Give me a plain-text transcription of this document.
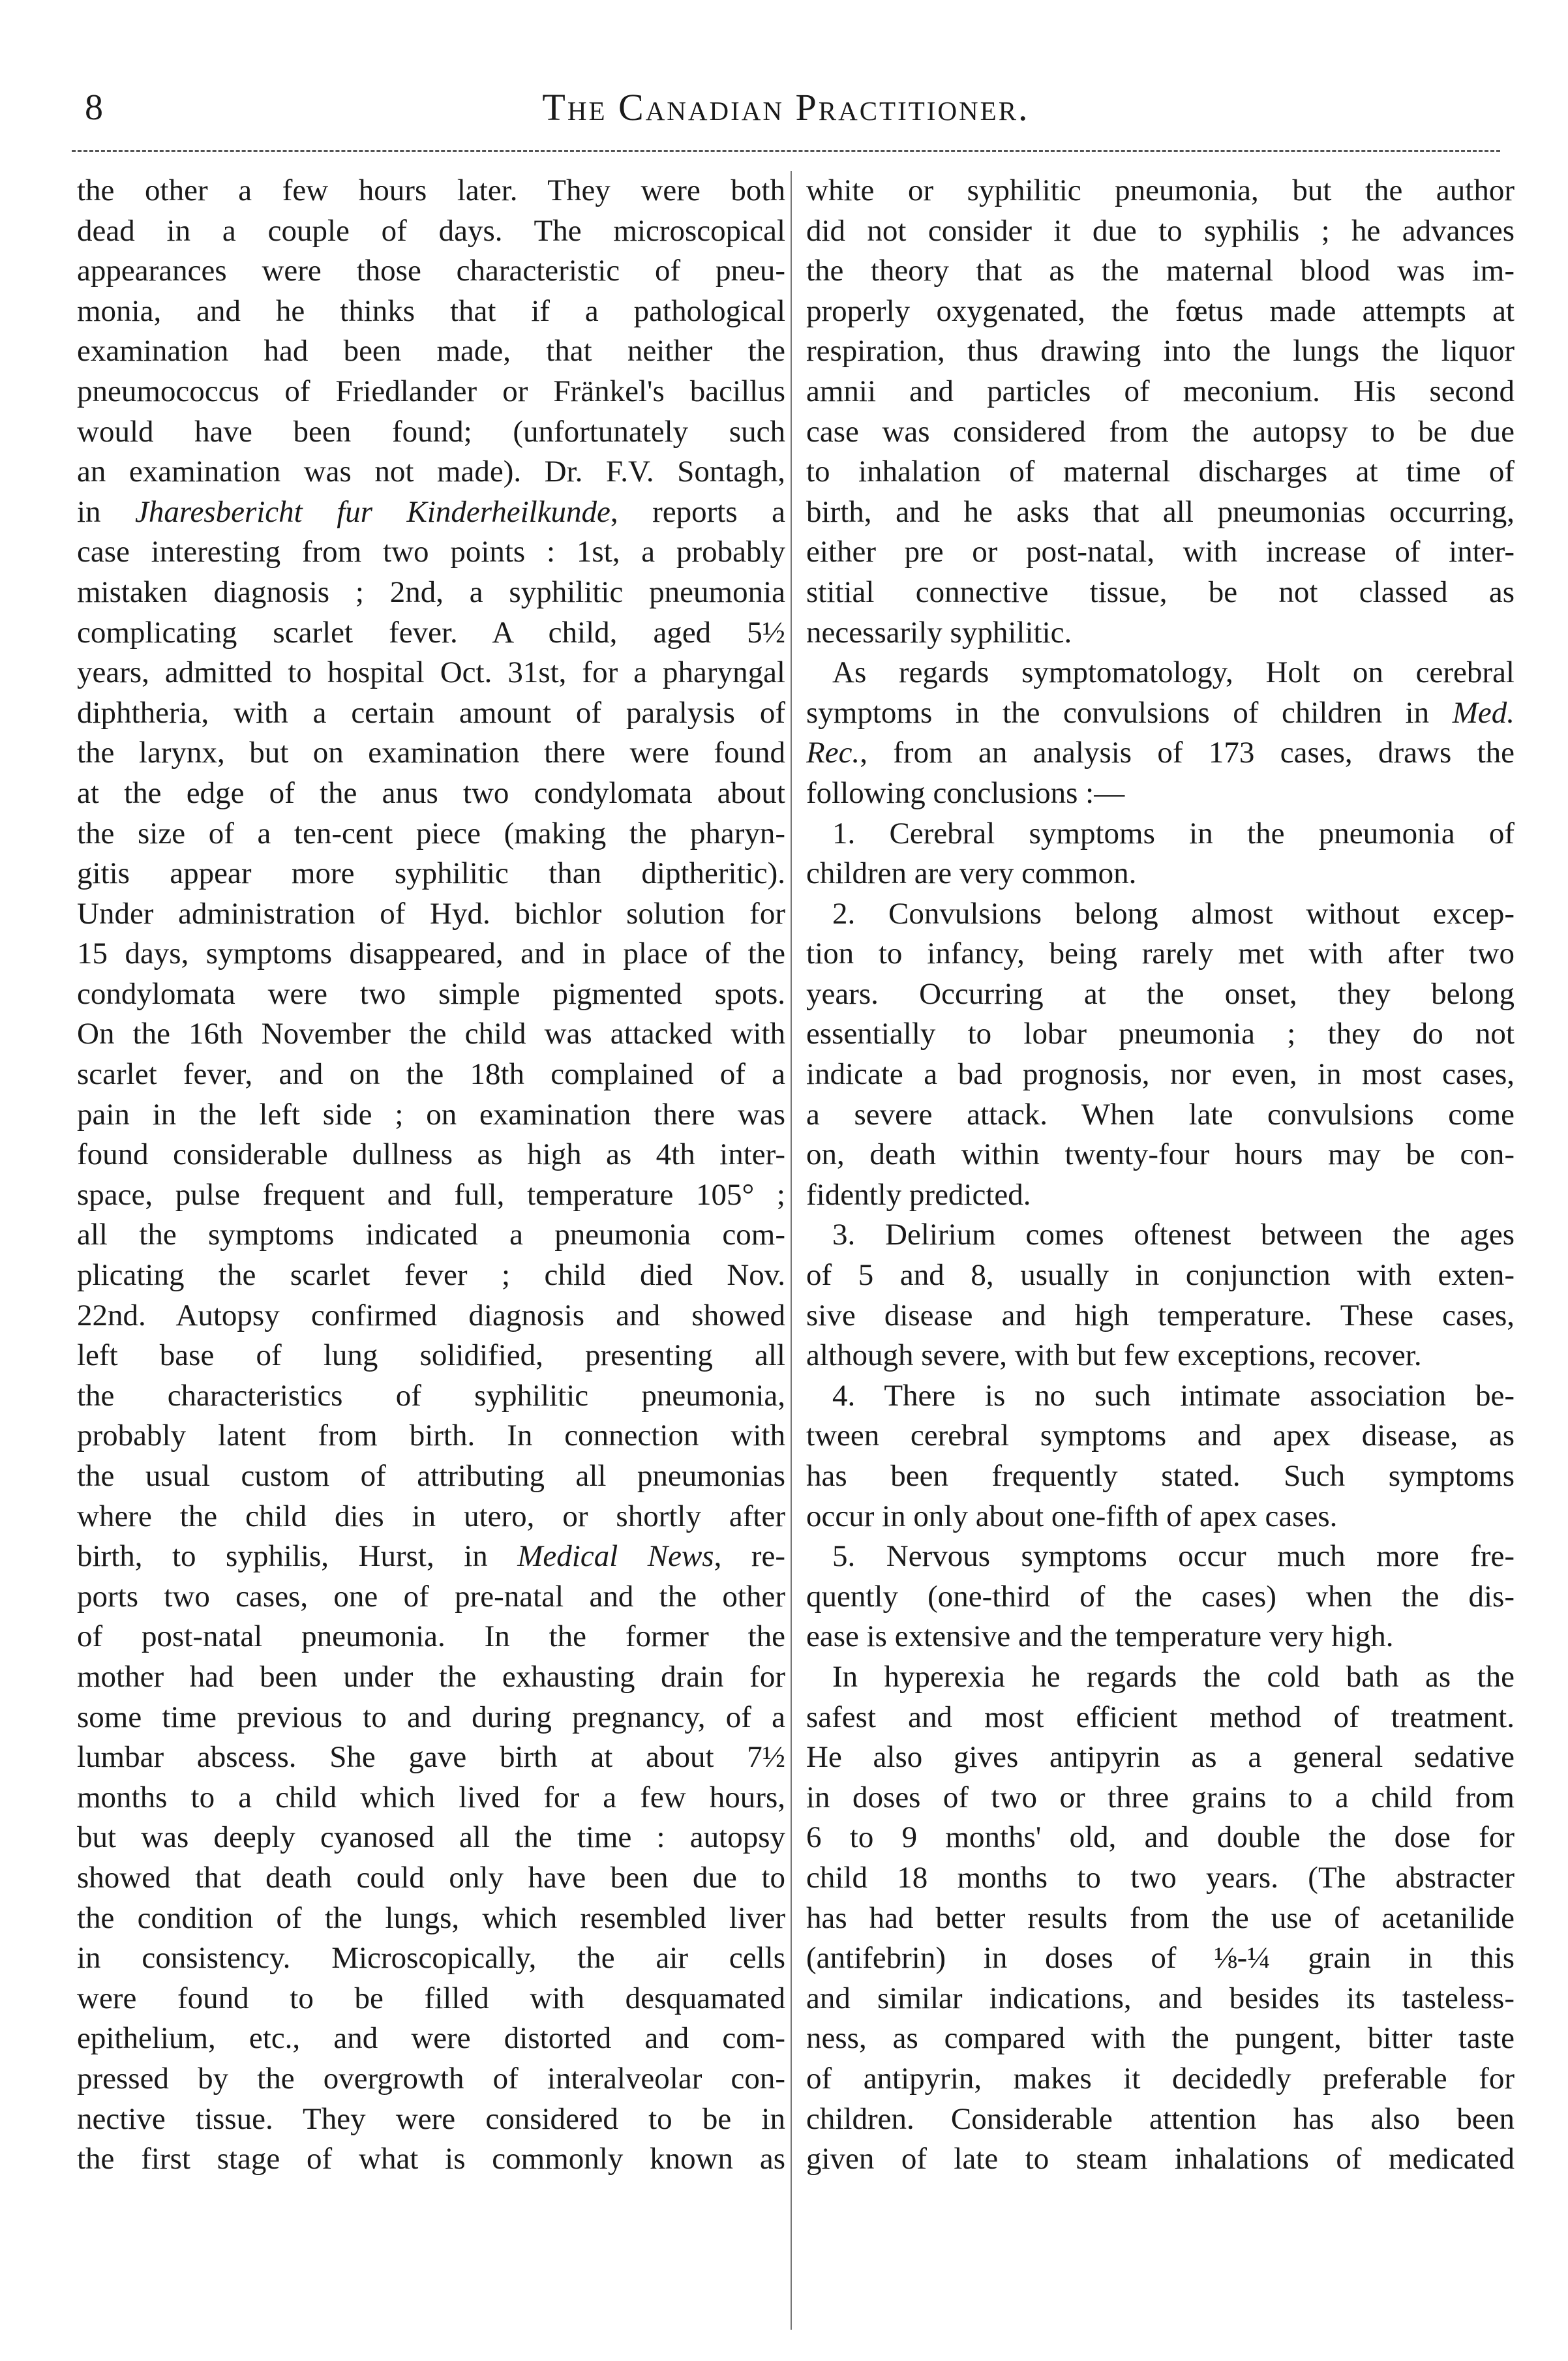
8	The Canadian Practitioner.
the other a few hours later. They were both
dead in a couple of days. The microscopical
appearances were those characteristic of pneu-
monia, and he thinks that if a pathological
examination had been made, that neither the
pneumococcus of Friedlander or Fränkel's bacillus
would have been found; (unfortunately such
an examination was not made). Dr. F.V. Sontagh,
in Jharesbericht fur Kinderheilkunde, reports a
case interesting from two points : 1st, a probably
mistaken diagnosis ; 2nd, a syphilitic pneumonia
complicating scarlet fever. A child, aged 5½
years, admitted to hospital Oct. 31st, for a pharyngal
diphtheria, with a certain amount of paralysis of
the larynx, but on examination there were found
at the edge of the anus two condylomata about
the size of a ten-cent piece (making the pharyn-
gitis appear more syphilitic than diptheritic).
Under administration of Hyd. bichlor solution for
15 days, symptoms disappeared, and in place of the
condylomata were two simple pigmented spots.
On the 16th November the child was attacked with
scarlet fever, and on the 18th complained of a
pain in the left side ; on examination there was
found considerable dullness as high as 4th inter-
space, pulse frequent and full, temperature 105° ;
all the symptoms indicated a pneumonia com-
plicating the scarlet fever ; child died Nov.
22nd. Autopsy confirmed diagnosis and showed
left base of lung solidified, presenting all
the characteristics of syphilitic pneumonia,
probably latent from birth. In connection with
the usual custom of attributing all pneumonias
where the child dies in utero, or shortly after
birth, to syphilis, Hurst, in Medical News, re-
ports two cases, one of pre-natal and the other
of post-natal pneumonia. In the former the
mother had been under the exhausting drain for
some time previous to and during pregnancy, of a
lumbar abscess. She gave birth at about 7½
months to a child which lived for a few hours,
but was deeply cyanosed all the time : autopsy
showed that death could only have been due to
the condition of the lungs, which resembled liver
in consistency. Microscopically, the air cells
were found to be filled with desquamated
epithelium, etc., and were distorted and com-
pressed by the overgrowth of interalveolar con-
nective tissue. They were considered to be in
the first stage of what is commonly known as
white or syphilitic pneumonia, but the author
did not consider it due to syphilis ; he advances
the theory that as the maternal blood was im-
properly oxygenated, the fœtus made attempts at
respiration, thus drawing into the lungs the liquor
amnii and particles of meconium. His second
case was considered from the autopsy to be due
to inhalation of maternal discharges at time of
birth, and he asks that all pneumonias occurring,
either pre or post-natal, with increase of inter-
stitial connective tissue, be not classed as
necessarily syphilitic.
As regards symptomatology, Holt on cerebral
symptoms in the convulsions of children in Med.
Rec., from an analysis of 173 cases, draws the
following conclusions :—
1. Cerebral symptoms in the pneumonia of
children are very common.
2. Convulsions belong almost without excep-
tion to infancy, being rarely met with after two
years. Occurring at the onset, they belong
essentially to lobar pneumonia ; they do not
indicate a bad prognosis, nor even, in most cases,
a severe attack. When late convulsions come
on, death within twenty-four hours may be con-
fidently predicted.
3. Delirium comes oftenest between the ages
of 5 and 8, usually in conjunction with exten-
sive disease and high temperature. These cases,
although severe, with but few exceptions, recover.
4. There is no such intimate association be-
tween cerebral symptoms and apex disease, as
has been frequently stated. Such symptoms
occur in only about one-fifth of apex cases.
5. Nervous symptoms occur much more fre-
quently (one-third of the cases) when the dis-
ease is extensive and the temperature very high.
In hyperexia he regards the cold bath as the
safest and most efficient method of treatment.
He also gives antipyrin as a general sedative
in doses of two or three grains to a child from
6 to 9 months' old, and double the dose for
child 18 months to two years. (The abstracter
has had better results from the use of acetanilide
(antifebrin) in doses of ⅛-¼ grain in this
and similar indications, and besides its tasteless-
ness, as compared with the pungent, bitter taste
of antipyrin, makes it decidedly preferable for
children. Considerable attention has also been
given of late to steam inhalations of medicated
